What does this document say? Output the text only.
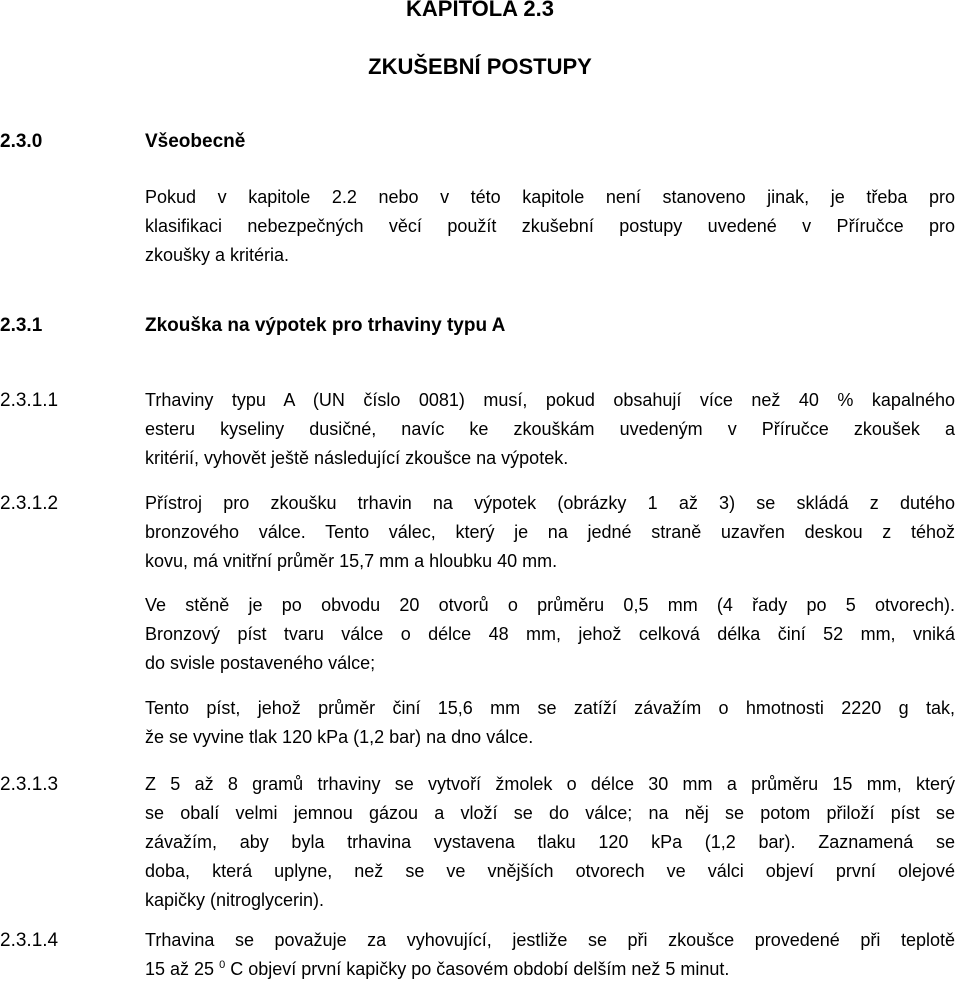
KAPITOLA 2.3
ZKUŠEBNÍ POSTUPY
2.3.0	Všeobecně
Pokud v kapitole 2.2 nebo v této kapitole není stanoveno jinak, je třeba pro
klasifikaci nebezpečných věcí použít zkušební postupy uvedené v Příručce pro
zkoušky a kritéria.
2.3.1	Zkouška na výpotek pro trhaviny typu A
2.3.1.1	Trhaviny typu A (UN číslo 0081) musí, pokud obsahují více než 40 % kapalného
esteru kyseliny dusičné, navíc ke zkouškám uvedeným v Příručce zkoušek a
kritérií, vyhovět ještě následující zkoušce na výpotek.
2.3.1.2	Přístroj pro zkoušku trhavin na výpotek (obrázky 1 až 3) se skládá z dutého
bronzového válce. Tento válec, který je na jedné straně uzavřen deskou z téhož
kovu, má vnitřní průměr 15,7 mm a hloubku 40 mm.
Ve stěně je po obvodu 20 otvorů o průměru 0,5 mm (4 řady po 5 otvorech).
Bronzový píst tvaru válce o délce 48 mm, jehož celková délka činí 52 mm, vniká
do svisle postaveného válce;
Tento píst, jehož průměr činí 15,6 mm se zatíží závažím o hmotnosti 2220 g tak,
že se vyvine tlak 120 kPa (1,2 bar) na dno válce.
2.3.1.3	Z 5 až 8 gramů trhaviny se vytvoří žmolek o délce 30 mm a průměru 15 mm, který
se obalí velmi jemnou gázou a vloží se do válce; na něj se potom přiloží píst se
závažím, aby byla trhavina vystavena tlaku 120 kPa (1,2 bar). Zaznamená se
doba, která uplyne, než se ve vnějších otvorech ve válci objeví první olejové
kapičky (nitroglycerin).
2.3.1.4	Trhavina se považuje za vyhovující, jestliže se při zkoušce provedené při teplotě
15 až 25 $^0$ C objeví první kapičky po časovém období delším než 5 minut.
